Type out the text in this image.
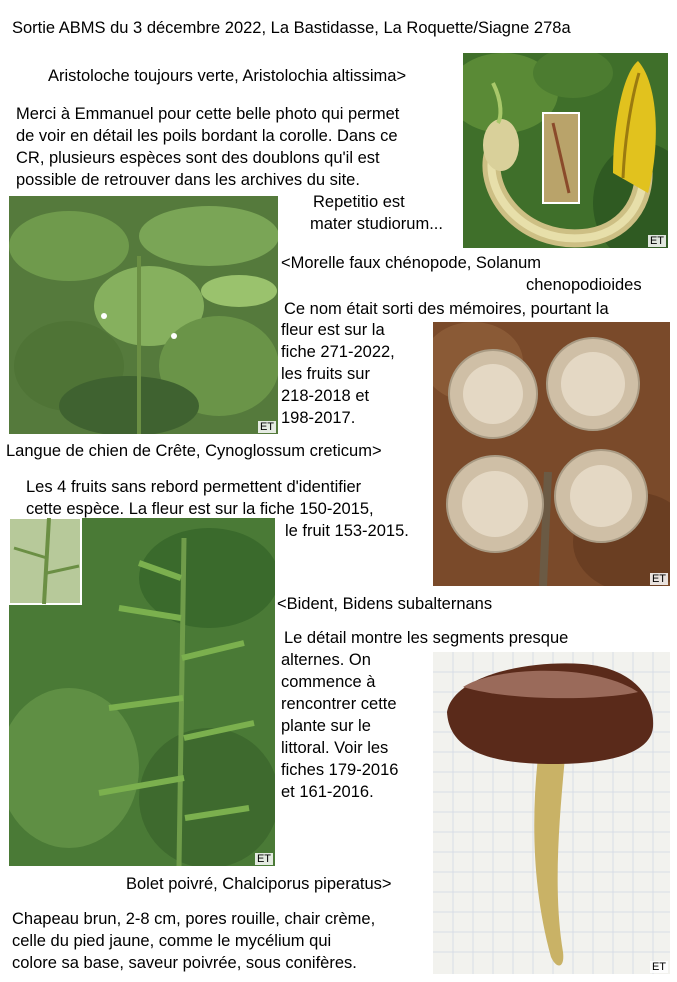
Sortie ABMS du 3 décembre 2022, La Bastidasse, La Roquette/Siagne 278a
Aristoloche toujours verte, Aristolochia altissima>
Merci à Emmanuel pour cette belle photo qui permet
de voir en détail les poils bordant la corolle. Dans ce
CR, plusieurs espèces sont des doublons qu'il est
possible de retrouver dans les archives du site.
ET
ET
Repetitio est
mater studiorum...
<Morelle faux chénopode, Solanum
chenopodioides
Ce nom était sorti des mémoires, pourtant la
fleur est sur la
fiche 271-2022,
les fruits sur
218-2018 et
198-2017.
ET
Langue de chien de Crête, Cynoglossum creticum>
Les 4 fruits sans rebord permettent d'identifier
cette espèce. La fleur est sur la fiche 150-2015,
le fruit 153-2015.
ET
<Bident, Bidens subalternans
Le détail montre les segments presque
alternes. On
commence à
rencontrer cette
plante sur le
littoral. Voir les
fiches 179-2016
et 161-2016.
ET
Bolet poivré, Chalciporus piperatus>
Chapeau brun, 2-8 cm, pores rouille, chair crème,
celle du pied jaune, comme le mycélium qui
colore sa base, saveur poivrée, sous conifères.
